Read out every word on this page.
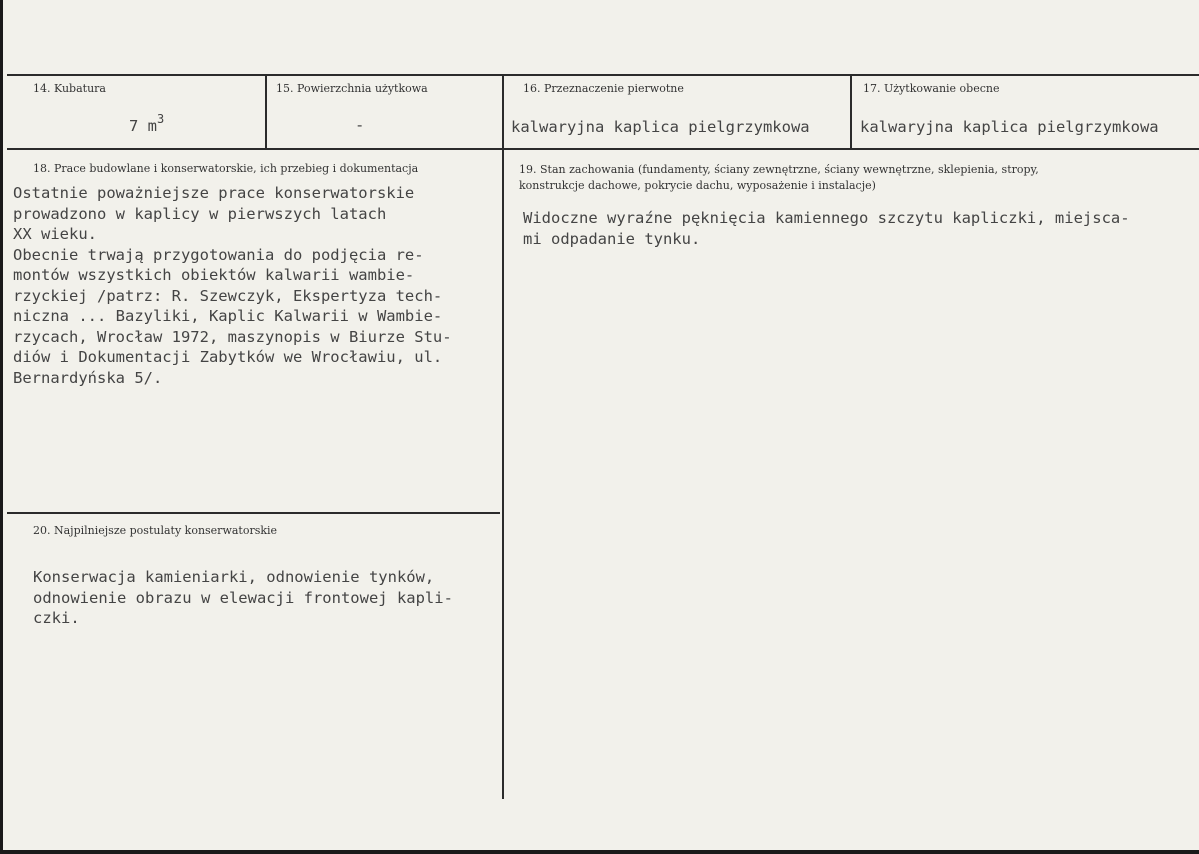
14. Kubatura
7 $m^3$
15. Powierzchnia użytkowa
-
16. Przeznaczenie pierwotne
kalwaryjna kaplica pielgrzymkowa
17. Użytkowanie obecne
kalwaryjna kaplica pielgrzymkowa
18. Prace budowlane i konserwatorskie, ich przebieg i dokumentacja
Ostatnie poważniejsze prace konserwatorskie
prowadzono w kaplicy w pierwszych latach
XX wieku.
Obecnie trwają przygotowania do podjęcia re-
montów wszystkich obiektów kalwarii wambie-
rzyckiej /patrz: R. Szewczyk, Ekspertyza tech-
niczna ... Bazyliki, Kaplic Kalwarii w Wambie-
rzycach, Wrocław 1972, maszynopis w Biurze Stu-
diów i Dokumentacji Zabytków we Wrocławiu, ul.
Bernardyńska 5/.
19. Stan zachowania (fundamenty, ściany zewnętrzne, ściany wewnętrzne, sklepienia, stropy,
konstrukcje dachowe, pokrycie dachu, wyposażenie i instalacje)
Widoczne wyraźne pęknięcia kamiennego szczytu kapliczki, miejsca-
mi odpadanie tynku.
20. Najpilniejsze postulaty konserwatorskie
Konserwacja kamieniarki, odnowienie tynków,
odnowienie obrazu w elewacji frontowej kapli-
czki.
